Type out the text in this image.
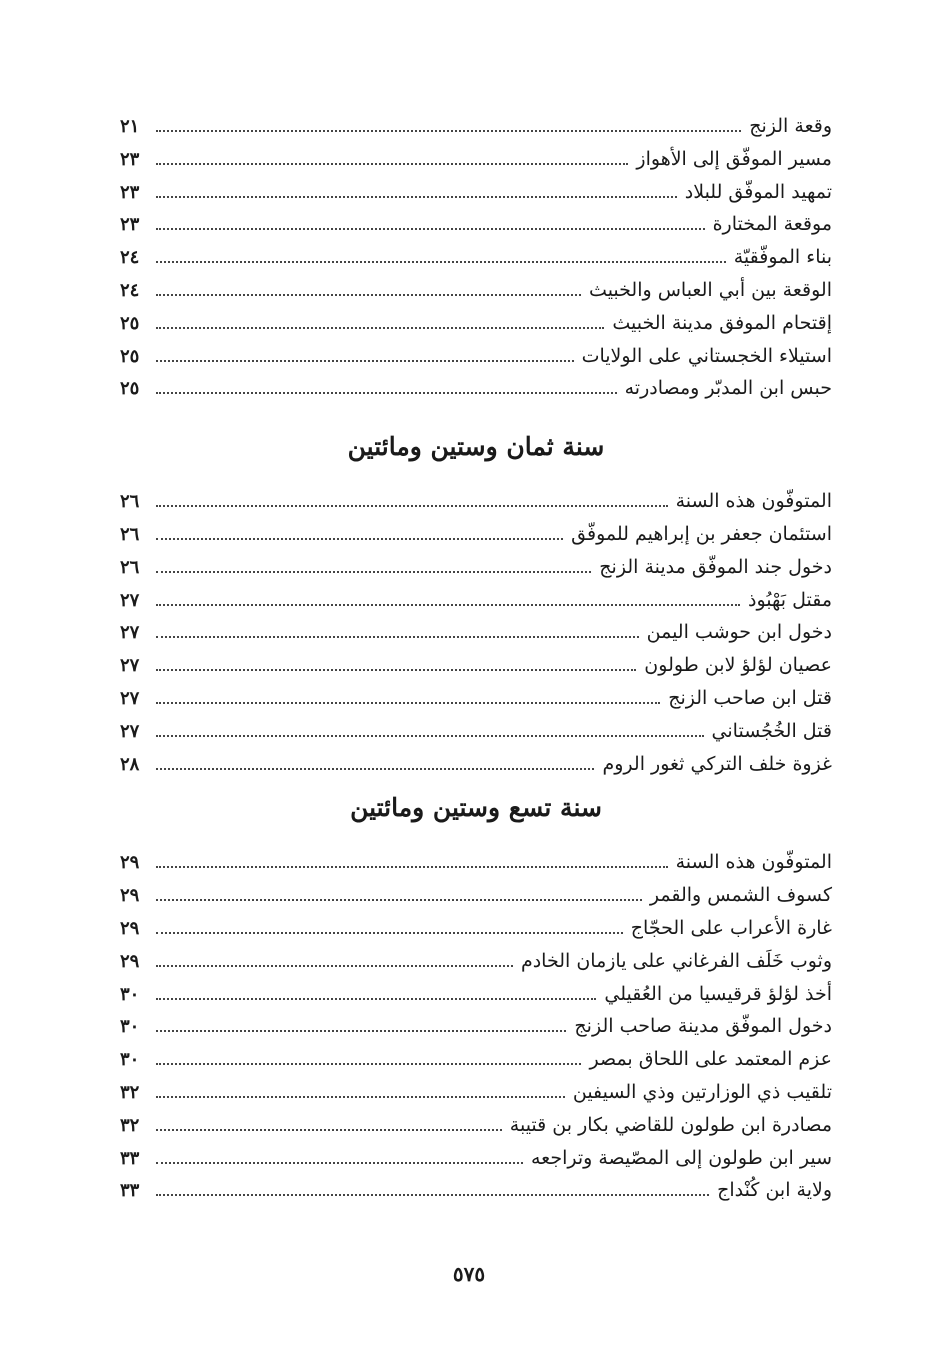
وقعة الزنج
٢١
مسير الموفّق إلى الأهواز
٢٣
تمهيد الموفّق للبلاد
٢٣
موقعة المختارة
٢٣
بناء الموفّقيّة
٢٤
الوقعة بين أبي العباس والخبيث
٢٤
إقتحام الموفق مدينة الخبيث
٢٥
استيلاء الخجستاني على الولايات
٢٥
حبس ابن المدبّر ومصادرته
٢٥
سنة ثمان وستين ومائتين
المتوفّون هذه السنة
٢٦
استئمان جعفر بن إبراهيم للموفّق
٢٦
دخول جند الموفّق مدينة الزنج
٢٦
مقتل بَهْبُوذ
٢٧
دخول ابن حوشب اليمن
٢٧
عصيان لؤلؤ لابن طولون
٢٧
قتل ابن صاحب الزنج
٢٧
قتل الخُجُستاني
٢٧
غزوة خلف التركي ثغور الروم
٢٨
سنة تسع وستين ومائتين
المتوفّون هذه السنة
٢٩
كسوف الشمس والقمر
٢٩
غارة الأعراب على الحجّاج
٢٩
وثوب خَلَف الفرغاني على يازمان الخادم
٢٩
أخذ لؤلؤ قرقيسيا من العُقيلي
٣٠
دخول الموفّق مدينة صاحب الزنج
٣٠
عزم المعتمد على اللحاق بمصر
٣٠
تلقيب ذي الوزارتين وذي السيفين
٣٢
مصادرة ابن طولون للقاضي بكار بن قتيبة
٣٢
سير ابن طولون إلى المصّيصة وتراجعه
٣٣
ولاية ابن كُنْداج
٣٣
٥٧٥
